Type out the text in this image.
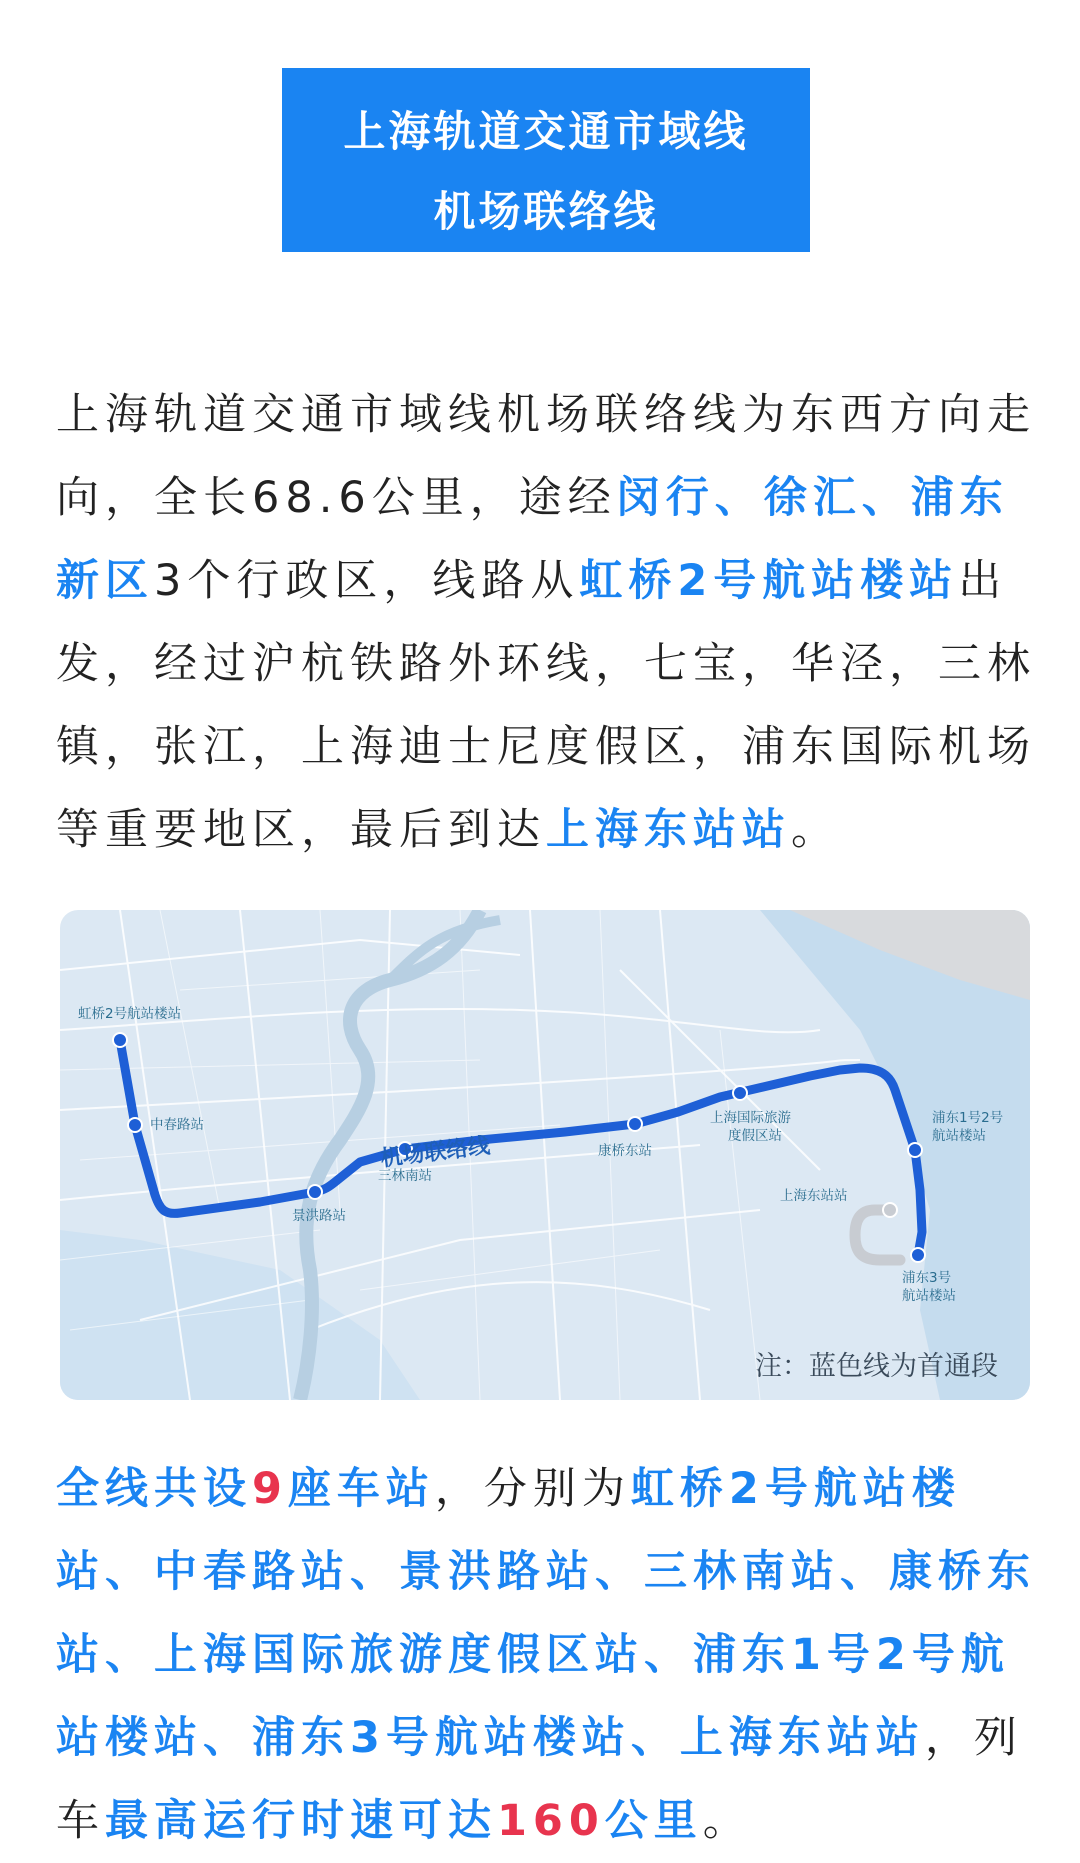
上海轨道交通市域线
机场联络线

上海轨道交通市域线机场联络线为东西方向走向，全长68.6公里，途经闵行、徐汇、浦东新区3个行政区，线路从虹桥2号航站楼站出发，经过沪杭铁路外环线，七宝，华泾，三林镇，张江，上海迪士尼度假区，浦东国际机场等重要地区，最后到达上海东站站。

虹桥2号航站楼站
中春路站
景洪路站
三林南站
康桥东站
上海国际旅游
度假区站
浦东1号2号
航站楼站
上海东站站
浦东3号
航站楼站
机场联络线
注：蓝色线为首通段

全线共设9座车站，分别为虹桥2号航站楼站、中春路站、景洪路站、三林南站、康桥东站、上海国际旅游度假区站、浦东1号2号航站楼站、浦东3号航站楼站、上海东站站，列车最高运行时速可达160公里。
